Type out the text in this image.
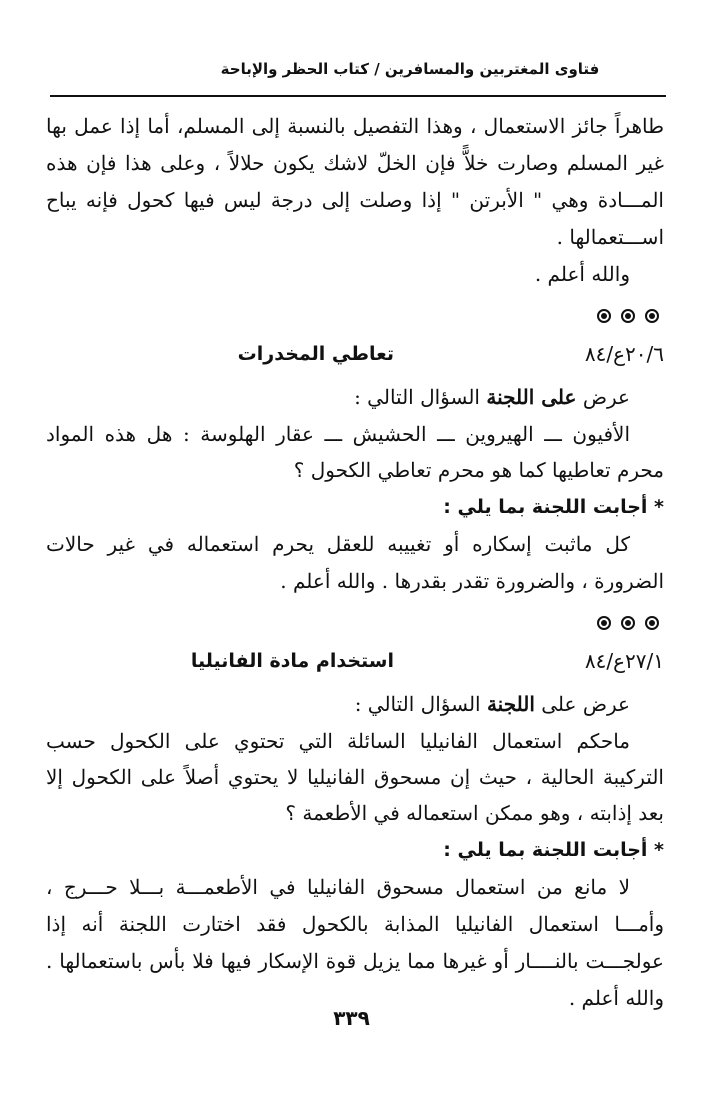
فتاوى المغتربين والمسافرين / كتاب الحظر والإباحة

طاهراً جائز الاستعمال ، وهذا التفصيل بالنسبة إلى المسلم، أما إذا عمل بها غير المسلم وصارت خلاًّ فإن الخلّ لاشك يكون حلالاً ، وعلى هذا فإن هذه المـــادة وهي " الأبرتن " إذا وصلت إلى درجة ليس فيها كحول فإنه يباح اســـتعمالها .

والله أعلم .

٢٠/٦ع/٨٤
تعاطي المخدرات

عرض على اللجنة السؤال التالي :

الأفيون ـــ الهيروين ـــ الحشيش ـــ عقار الهلوسة : هل هذه المواد محرم تعاطيها كما هو محرم تعاطي الكحول ؟

* أجابت اللجنة بما يلي :

كل ماثبت إسكاره أو تغييبه للعقل يحرم استعماله في غير حالات الضرورة ، والضرورة تقدر بقدرها . والله أعلم .

٢٧/١ع/٨٤
استخدام مادة الفانيليا

عرض على اللجنة السؤال التالي :

ماحكم استعمال الفانيليا السائلة التي تحتوي على الكحول حسب التركيبة الحالية ، حيث إن مسحوق الفانيليا لا يحتوي أصلاً على الكحول إلا بعد إذابته ، وهو ممكن استعماله في الأطعمة ؟

* أجابت اللجنة بما يلي :

لا مانع من استعمال مسحوق الفانيليا في الأطعمـــة بـــلا حـــرج ، وأمـــا استعمال الفانيليا المذابة بالكحول فقد اختارت اللجنة أنه إذا عولجـــت بالنــــار أو غيرها مما يزيل قوة الإسكار فيها فلا بأس باستعمالها . والله أعلم .

٣٣٩
